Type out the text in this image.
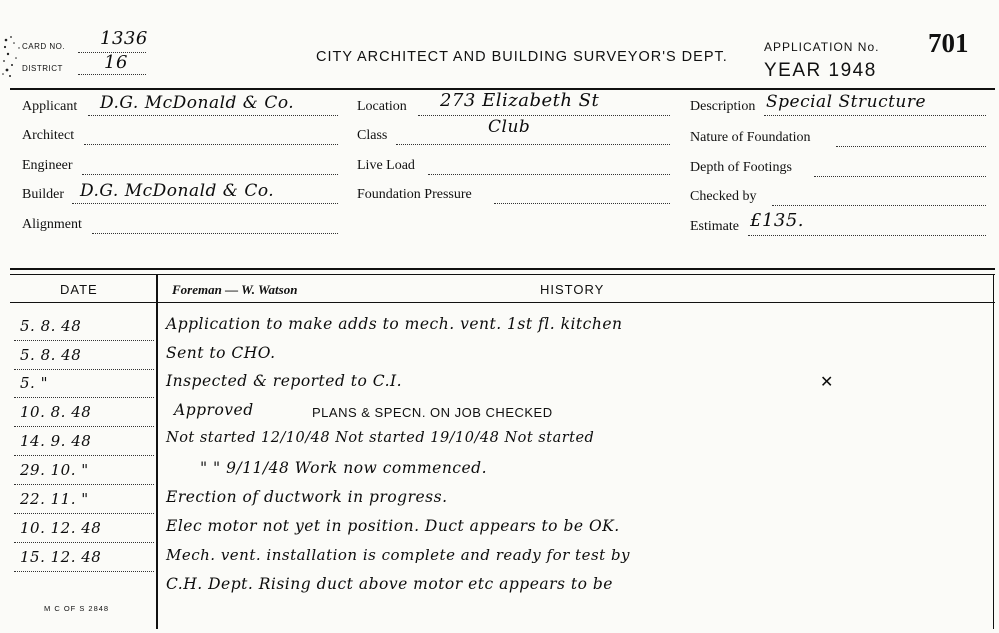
CARD NO. 1336
DISTRICT 16	CITY ARCHITECT AND BUILDING SURVEYOR'S DEPT.
APPLICATION No. 701
YEAR 1948
Applicant D.G. McDonald & Co.
Architect
Engineer
Builder D.G. McDonald & Co.
Alignment
Location 273 Elizabeth St
Class	Club
Live Load
Foundation Pressure
Description Special Structure
Nature of Foundation
Depth of Footings
Checked by
Estimate £135.
DATE	Foreman — W. Watson	HISTORY
5. 8. 48	Application to make adds to mech. vent. 1st fl. kitchen
5. 8. 48	Sent to CHO.
5. "	Inspected & reported to C.I.	✕
10. 8. 48	Approved	PLANS & SPECN. ON JOB CHECKED
14. 9. 48	Not started 12/10/48 Not started 19/10/48 Not started
29. 10. "	" " 9/11/48 Work now commenced.
22. 11. "	Erection of ductwork in progress.
10. 12. 48	Elec motor not yet in position. Duct appears to be OK.
15. 12. 48	Mech. vent. installation is complete and ready for test by
C.H. Dept. Rising duct above motor etc appears to be
M C OF S 2848
